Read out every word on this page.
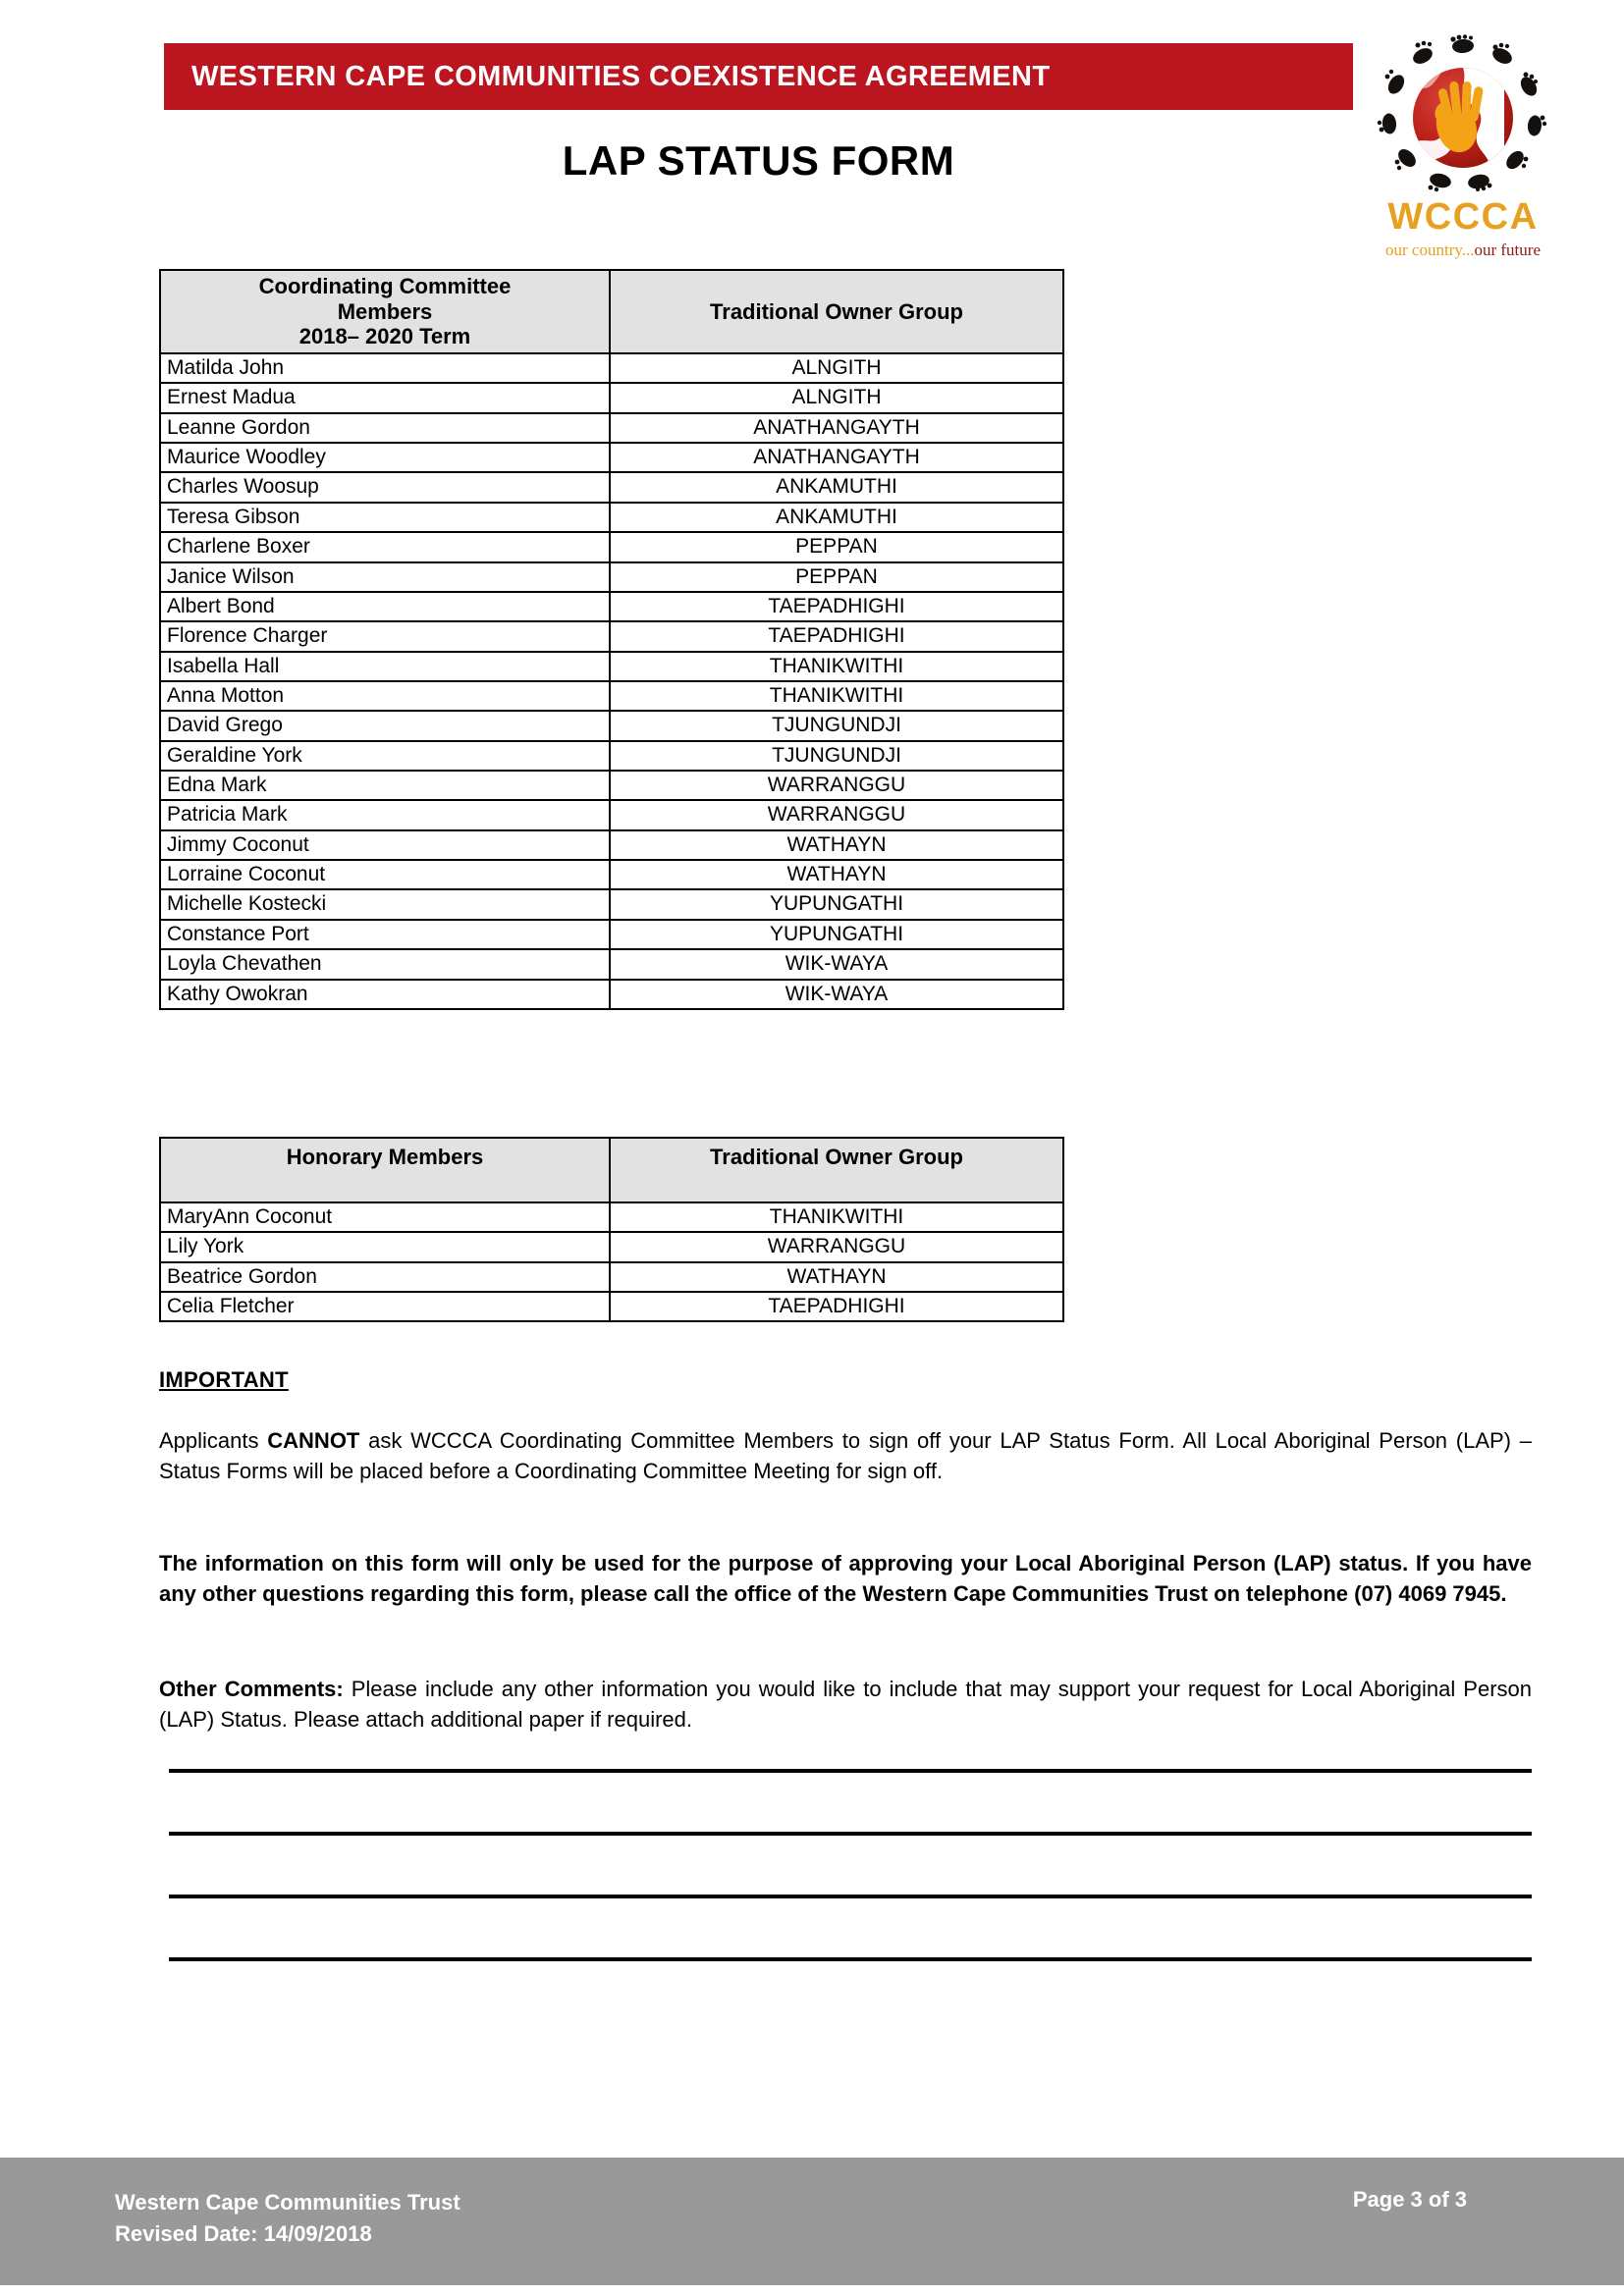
WESTERN CAPE COMMUNITIES COEXISTENCE AGREEMENT
LAP STATUS FORM
WCCCA
our country...our future
Coordinating Committee
Members
2018– 2020 Term	Traditional Owner Group
Matilda John	ALNGITH
Ernest Madua	ALNGITH
Leanne Gordon	ANATHANGAYTH
Maurice Woodley	ANATHANGAYTH
Charles Woosup	ANKAMUTHI
Teresa Gibson	ANKAMUTHI
Charlene Boxer	PEPPAN
Janice Wilson	PEPPAN
Albert Bond	TAEPADHIGHI
Florence Charger	TAEPADHIGHI
Isabella Hall	THANIKWITHI
Anna Motton	THANIKWITHI
David Grego	TJUNGUNDJI
Geraldine York	TJUNGUNDJI
Edna Mark	WARRANGGU
Patricia Mark	WARRANGGU
Jimmy Coconut	WATHAYN
Lorraine Coconut	WATHAYN
Michelle Kostecki	YUPUNGATHI
Constance Port	YUPUNGATHI
Loyla Chevathen	WIK-WAYA
Kathy Owokran	WIK-WAYA
Honorary Members	Traditional Owner Group
MaryAnn Coconut	THANIKWITHI
Lily York	WARRANGGU
Beatrice Gordon	WATHAYN
Celia Fletcher	TAEPADHIGHI
IMPORTANT
Applicants CANNOT ask WCCCA Coordinating Committee Members to sign off your LAP Status Form. All Local Aboriginal Person (LAP) – Status Forms will be placed before a Coordinating Committee Meeting for sign off.
The information on this form will only be used for the purpose of approving your Local Aboriginal Person (LAP) status. If you have any other questions regarding this form, please call the office of the Western Cape Communities Trust on telephone (07) 4069 7945.
Other Comments: Please include any other information you would like to include that may support your request for Local Aboriginal Person (LAP) Status. Please attach additional paper if required.
Western Cape Communities Trust
Revised Date: 14/09/2018
Page 3 of 3
